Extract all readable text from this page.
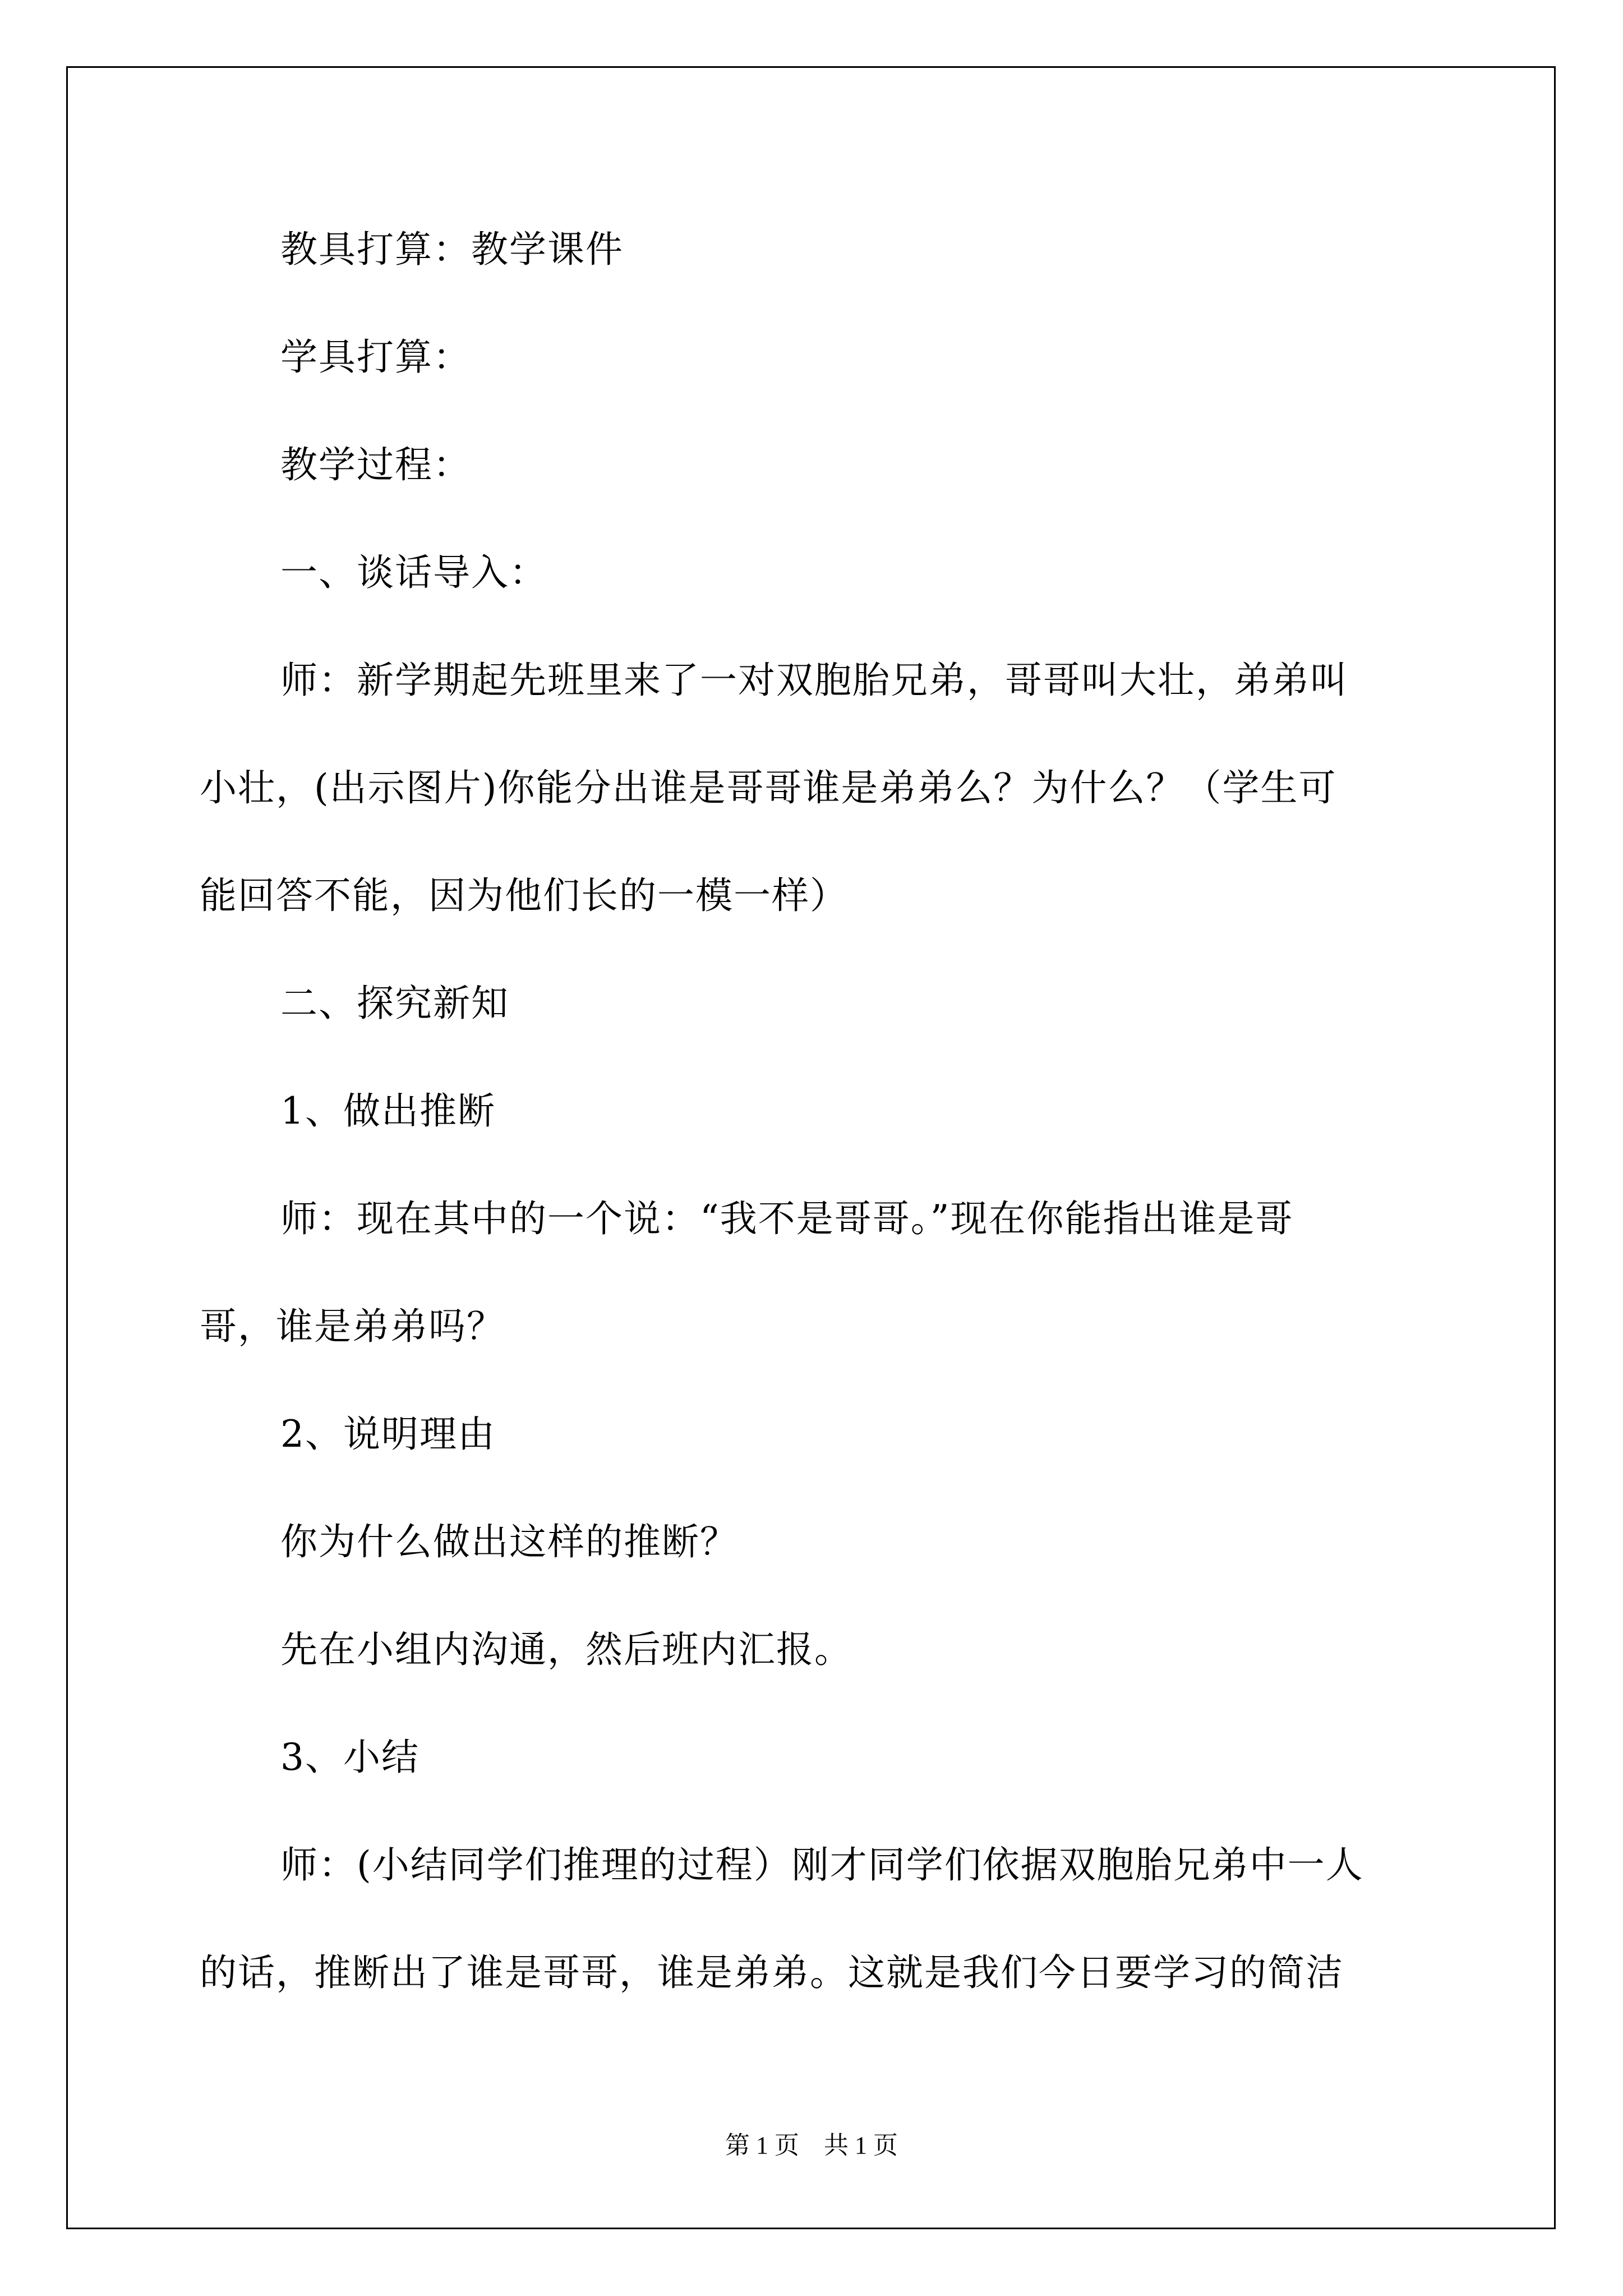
教具打算：教学课件
学具打算：
教学过程：
一、谈话导入：
师：新学期起先班里来了一对双胞胎兄弟，哥哥叫大壮，弟弟叫
小壮，(出示图片)你能分出谁是哥哥谁是弟弟么？为什么？（学生可
能回答不能，因为他们长的一模一样）
二、探究新知
1、做出推断
师：现在其中的一个说：“我不是哥哥。”现在你能指出谁是哥
哥，谁是弟弟吗？
2、说明理由
你为什么做出这样的推断？
先在小组内沟通，然后班内汇报。
3、小结
师：(小结同学们推理的过程）刚才同学们依据双胞胎兄弟中一人
的话，推断出了谁是哥哥，谁是弟弟。这就是我们今日要学习的简洁
第 1 页　共 1 页
